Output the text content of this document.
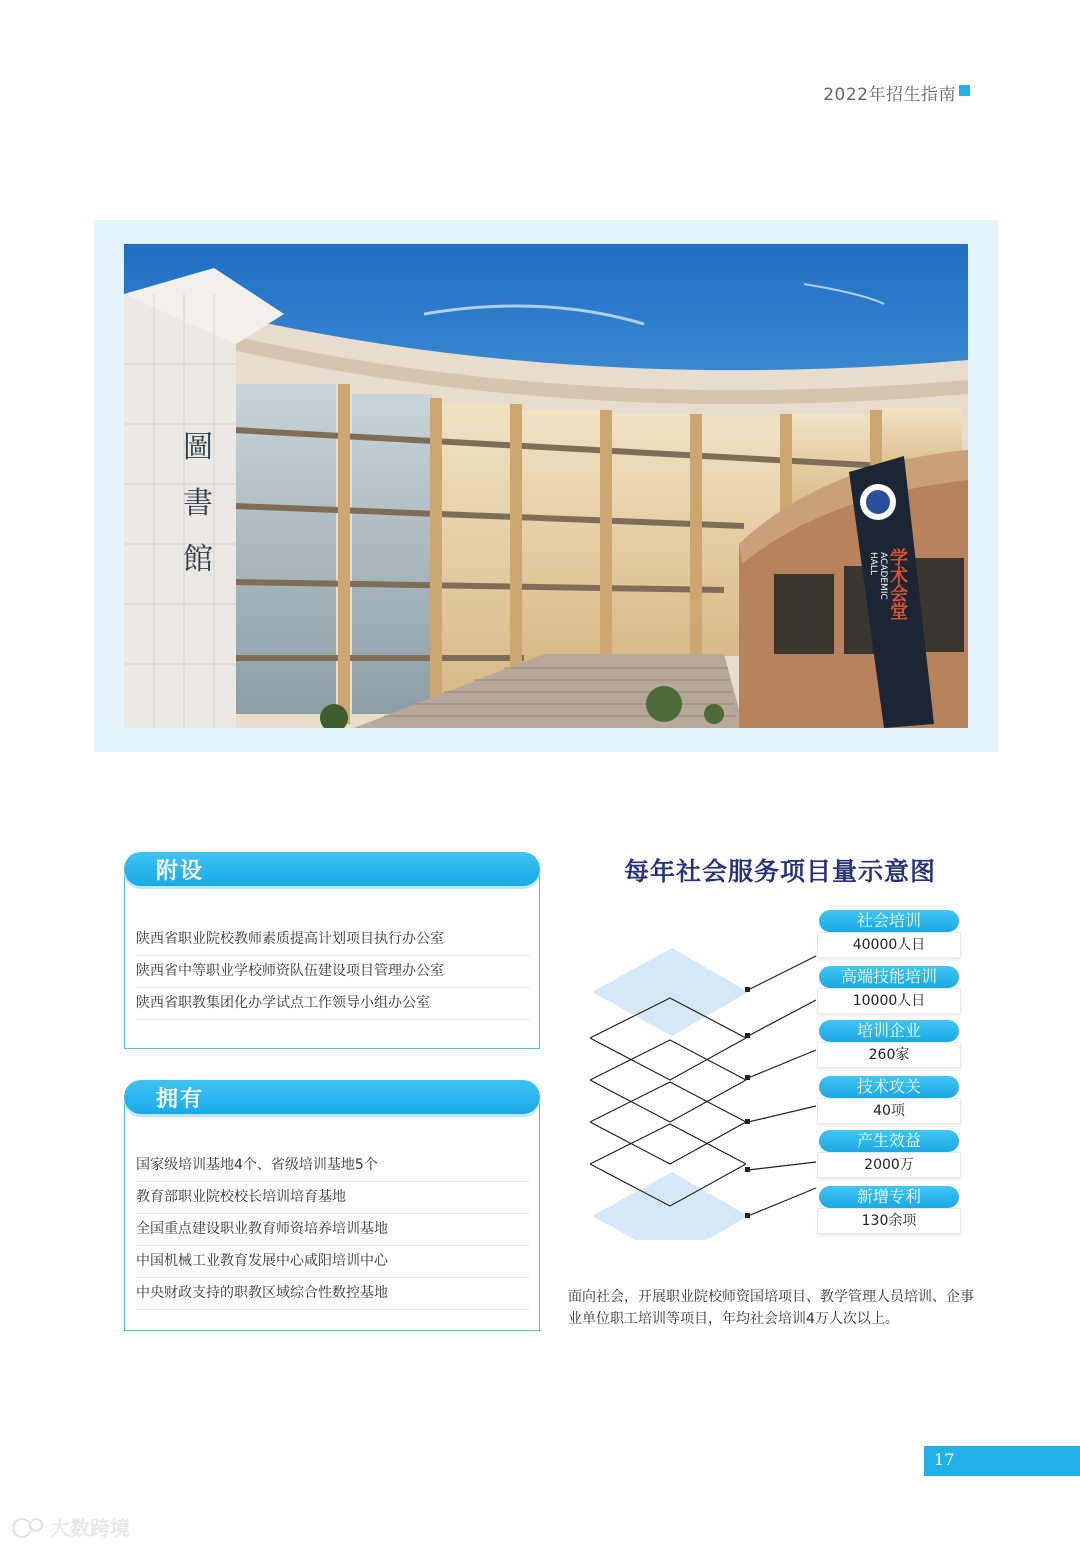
2022年招生指南
圖
書
館	学术会堂
ACADEMIC HALL
附设
陕西省职业院校教师素质提高计划项目执行办公室
陕西省中等职业学校师资队伍建设项目管理办公室
陕西省职教集团化办学试点工作领导小组办公室
拥有
国家级培训基地4个、省级培训基地5个
教育部职业院校校长培训培育基地
全国重点建设职业教育师资培养培训基地
中国机械工业教育发展中心咸阳培训中心
中央财政支持的职教区域综合性数控基地
每年社会服务项目量示意图
社会培训
40000人日
高端技能培训
10000人日
培训企业
260家
技术攻关
40项
产生效益
2000万
新增专利
130余项
面向社会，开展职业院校师资国培项目、教学管理人员培训、企事业单位职工培训等项目，年均社会培训4万人次以上。
17
大数跨境
